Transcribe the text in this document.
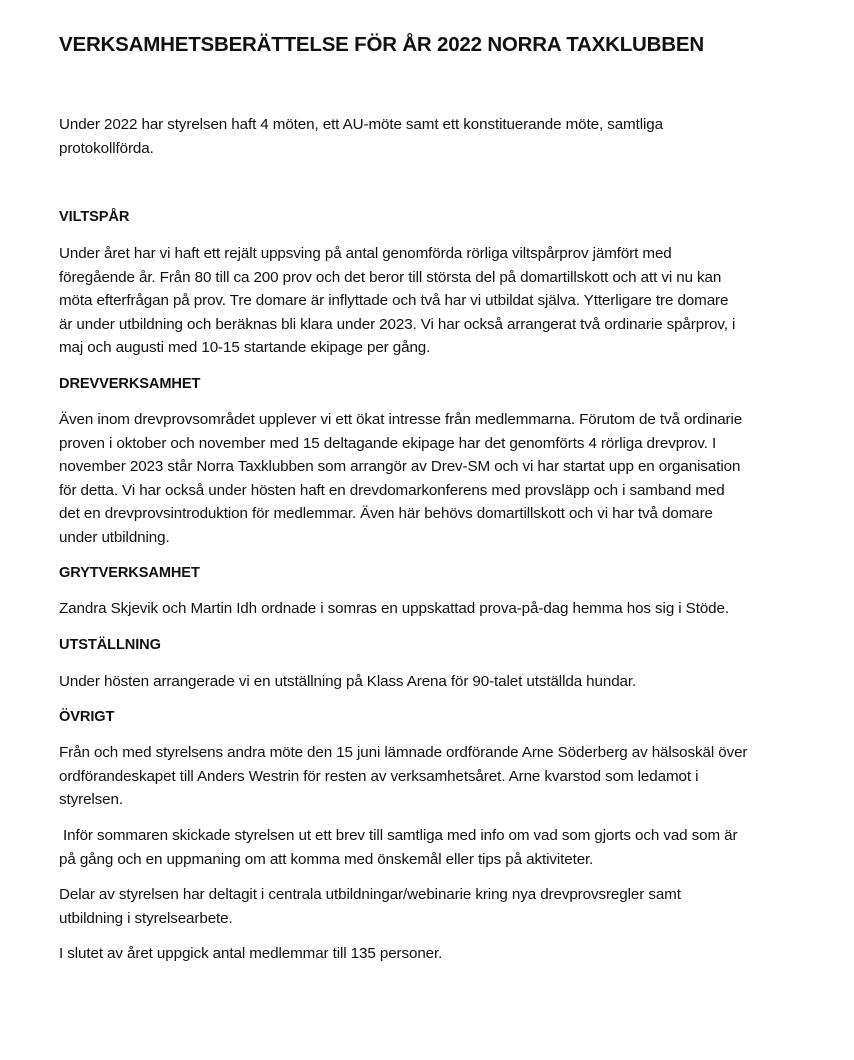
VERKSAMHETSBERÄTTELSE FÖR ÅR 2022 NORRA TAXKLUBBEN
Under 2022 har styrelsen haft 4 möten, ett AU-möte samt ett konstituerande möte, samtliga
protokollförda.
VILTSPÅR
Under året har vi haft ett rejält uppsving på antal genomförda rörliga viltspårprov jämfört med
föregående år. Från 80 till ca 200 prov och det beror till största del på domartillskott och att vi nu kan
möta efterfrågan på prov. Tre domare är inflyttade och två har vi utbildat själva. Ytterligare tre domare
är under utbildning och beräknas bli klara under 2023. Vi har också arrangerat två ordinarie spårprov, i
maj och augusti med 10-15 startande ekipage per gång.
DREVVERKSAMHET
Även inom drevprovsområdet upplever vi ett ökat intresse från medlemmarna. Förutom de två ordinarie
proven i oktober och november med 15 deltagande ekipage har det genomförts 4 rörliga drevprov. I
november 2023 står Norra Taxklubben som arrangör av Drev-SM och vi har startat upp en organisation
för detta. Vi har också under hösten haft en drevdomarkonferens med provsläpp och i samband med
det en drevprovsintroduktion för medlemmar. Även här behövs domartillskott och vi har två domare
under utbildning.
GRYTVERKSAMHET
Zandra Skjevik och Martin Idh ordnade i somras en uppskattad prova-på-dag hemma hos sig i Stöde.
UTSTÄLLNING
Under hösten arrangerade vi en utställning på Klass Arena för 90-talet utställda hundar.
ÖVRIGT
Från och med styrelsens andra möte den 15 juni lämnade ordförande Arne Söderberg av hälsoskäl över
ordförandeskapet till Anders Westrin för resten av verksamhetsåret. Arne kvarstod som ledamot i
styrelsen.
Inför sommaren skickade styrelsen ut ett brev till samtliga med info om vad som gjorts och vad som är
på gång och en uppmaning om att komma med önskemål eller tips på aktiviteter.
Delar av styrelsen har deltagit i centrala utbildningar/webinarie kring nya drevprovsregler samt
utbildning i styrelsearbete.
I slutet av året uppgick antal medlemmar till 135 personer.
